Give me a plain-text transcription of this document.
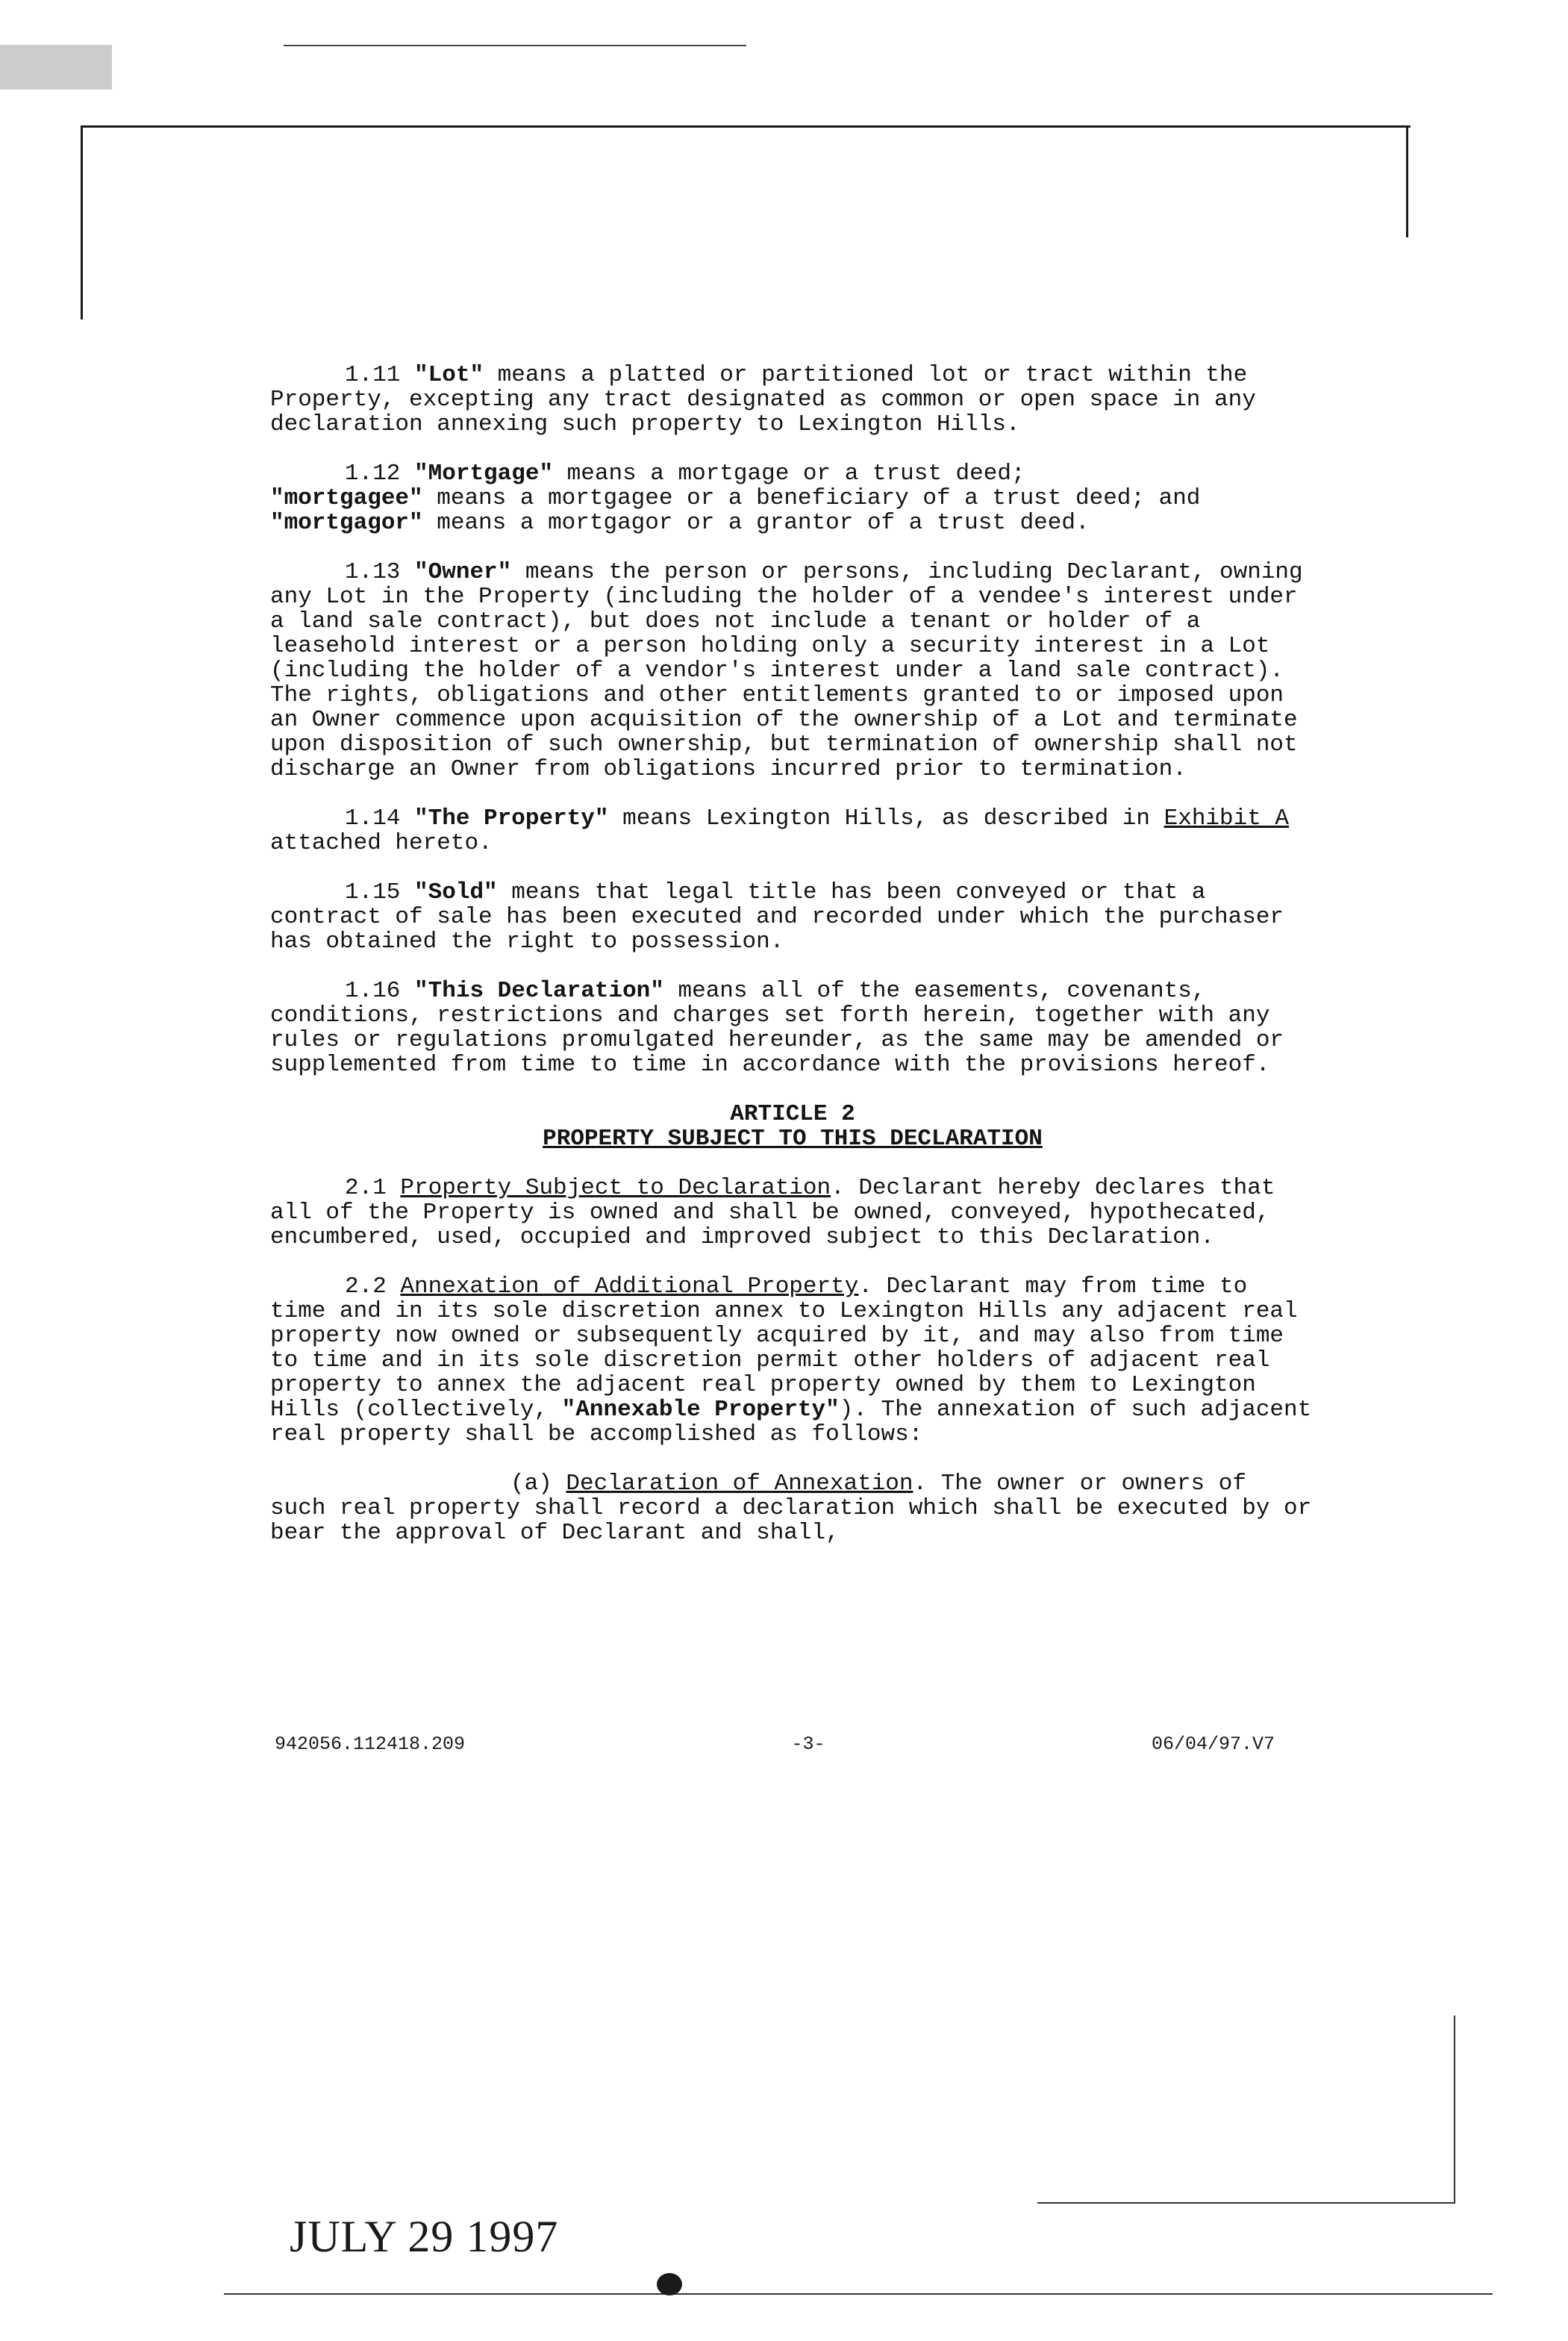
1.11 "Lot" means a platted or partitioned lot or tract within the Property, excepting any tract designated as common or open space in any declaration annexing such property to Lexington Hills.

1.12 "Mortgage" means a mortgage or a trust deed;
"mortgagee" means a mortgagee or a beneficiary of a trust deed; and "mortgagor" means a mortgagor or a grantor of a trust deed.

1.13 "Owner" means the person or persons, including Declarant, owning any Lot in the Property (including the holder of a vendee's interest under a land sale contract), but does not include a tenant or holder of a leasehold interest or a person holding only a security interest in a Lot (including the holder of a vendor's interest under a land sale contract). The rights, obligations and other entitlements granted to or imposed upon an Owner commence upon acquisition of the ownership of a Lot and terminate upon disposition of such ownership, but termination of ownership shall not discharge an Owner from obligations incurred prior to termination.

1.14 "The Property" means Lexington Hills, as described in Exhibit A attached hereto.

1.15 "Sold" means that legal title has been conveyed or that a contract of sale has been executed and recorded under which the purchaser has obtained the right to possession.

1.16 "This Declaration" means all of the easements, covenants, conditions, restrictions and charges set forth herein, together with any rules or regulations promulgated hereunder, as the same may be amended or supplemented from time to time in accordance with the provisions hereof.

ARTICLE 2
PROPERTY SUBJECT TO THIS DECLARATION

2.1 Property Subject to Declaration. Declarant hereby declares that all of the Property is owned and shall be owned, conveyed, hypothecated, encumbered, used, occupied and improved subject to this Declaration.

2.2 Annexation of Additional Property. Declarant may from time to time and in its sole discretion annex to Lexington Hills any adjacent real property now owned or subsequently acquired by it, and may also from time to time and in its sole discretion permit other holders of adjacent real property to annex the adjacent real property owned by them to Lexington Hills (collectively, "Annexable Property"). The annexation of such adjacent real property shall be accomplished as follows:

(a) Declaration of Annexation. The owner or owners of such real property shall record a declaration which shall be executed by or bear the approval of Declarant and shall,

942056.112418.209	-3-	06/04/97.V7
JULY 29 1997
